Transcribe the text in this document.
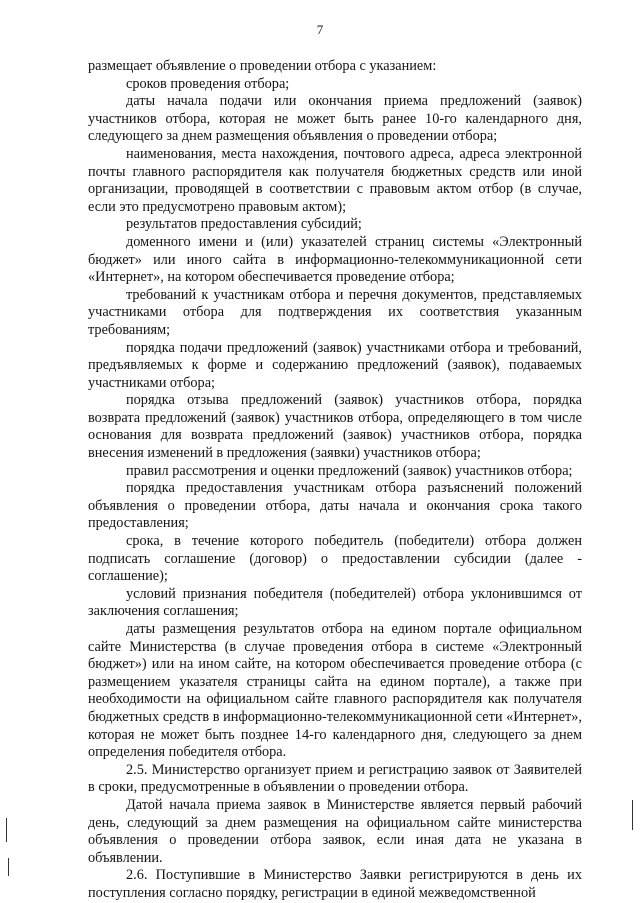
7

размещает объявление о проведении отбора с указанием:

сроков проведения отбора;

даты начала подачи или окончания приема предложений (заявок) участников отбора, которая не может быть ранее 10-го календарного дня, следующего за днем размещения объявления о проведении отбора;

наименования, места нахождения, почтового адреса, адреса электронной почты главного распорядителя как получателя бюджетных средств или иной организации, проводящей в соответствии с правовым актом отбор (в случае, если это предусмотрено правовым актом);

результатов предоставления субсидий;

доменного имени и (или) указателей страниц системы «Электронный бюджет» или иного сайта в информационно-телекоммуникационной сети «Интернет», на котором обеспечивается проведение отбора;

требований к участникам отбора и перечня документов, представляемых участниками отбора для подтверждения их соответствия указанным требованиям;

порядка подачи предложений (заявок) участниками отбора и требований, предъявляемых к форме и содержанию предложений (заявок), подаваемых участниками отбора;

порядка отзыва предложений (заявок) участников отбора, порядка возврата предложений (заявок) участников отбора, определяющего в том числе основания для возврата предложений (заявок) участников отбора, порядка внесения изменений в предложения (заявки) участников отбора;

правил рассмотрения и оценки предложений (заявок) участников отбора;

порядка предоставления участникам отбора разъяснений положений объявления о проведении отбора, даты начала и окончания срока такого предоставления;

срока, в течение которого победитель (победители) отбора должен подписать соглашение (договор) о предоставлении субсидии (далее - соглашение);

условий признания победителя (победителей) отбора уклонившимся от заключения соглашения;

даты размещения результатов отбора на едином портале официальном сайте Министерства (в случае проведения отбора в системе «Электронный бюджет») или на ином сайте, на котором обеспечивается проведение отбора (с размещением указателя страницы сайта на едином портале), а также при необходимости на официальном сайте главного распорядителя как получателя бюджетных средств в информационно-телекоммуникационной сети «Интернет», которая не может быть позднее 14-го календарного дня, следующего за днем определения победителя отбора.

2.5. Министерство организует прием и регистрацию заявок от Заявителей в сроки, предусмотренные в объявлении о проведении отбора.

Датой начала приема заявок в Министерстве является первый рабочий день, следующий за днем размещения на официальном сайте министерства объявления о проведении отбора заявок, если иная дата не указана в объявлении.

2.6. Поступившие в Министерство Заявки регистрируются в день их поступления согласно порядку, регистрации в единой межведомственной
